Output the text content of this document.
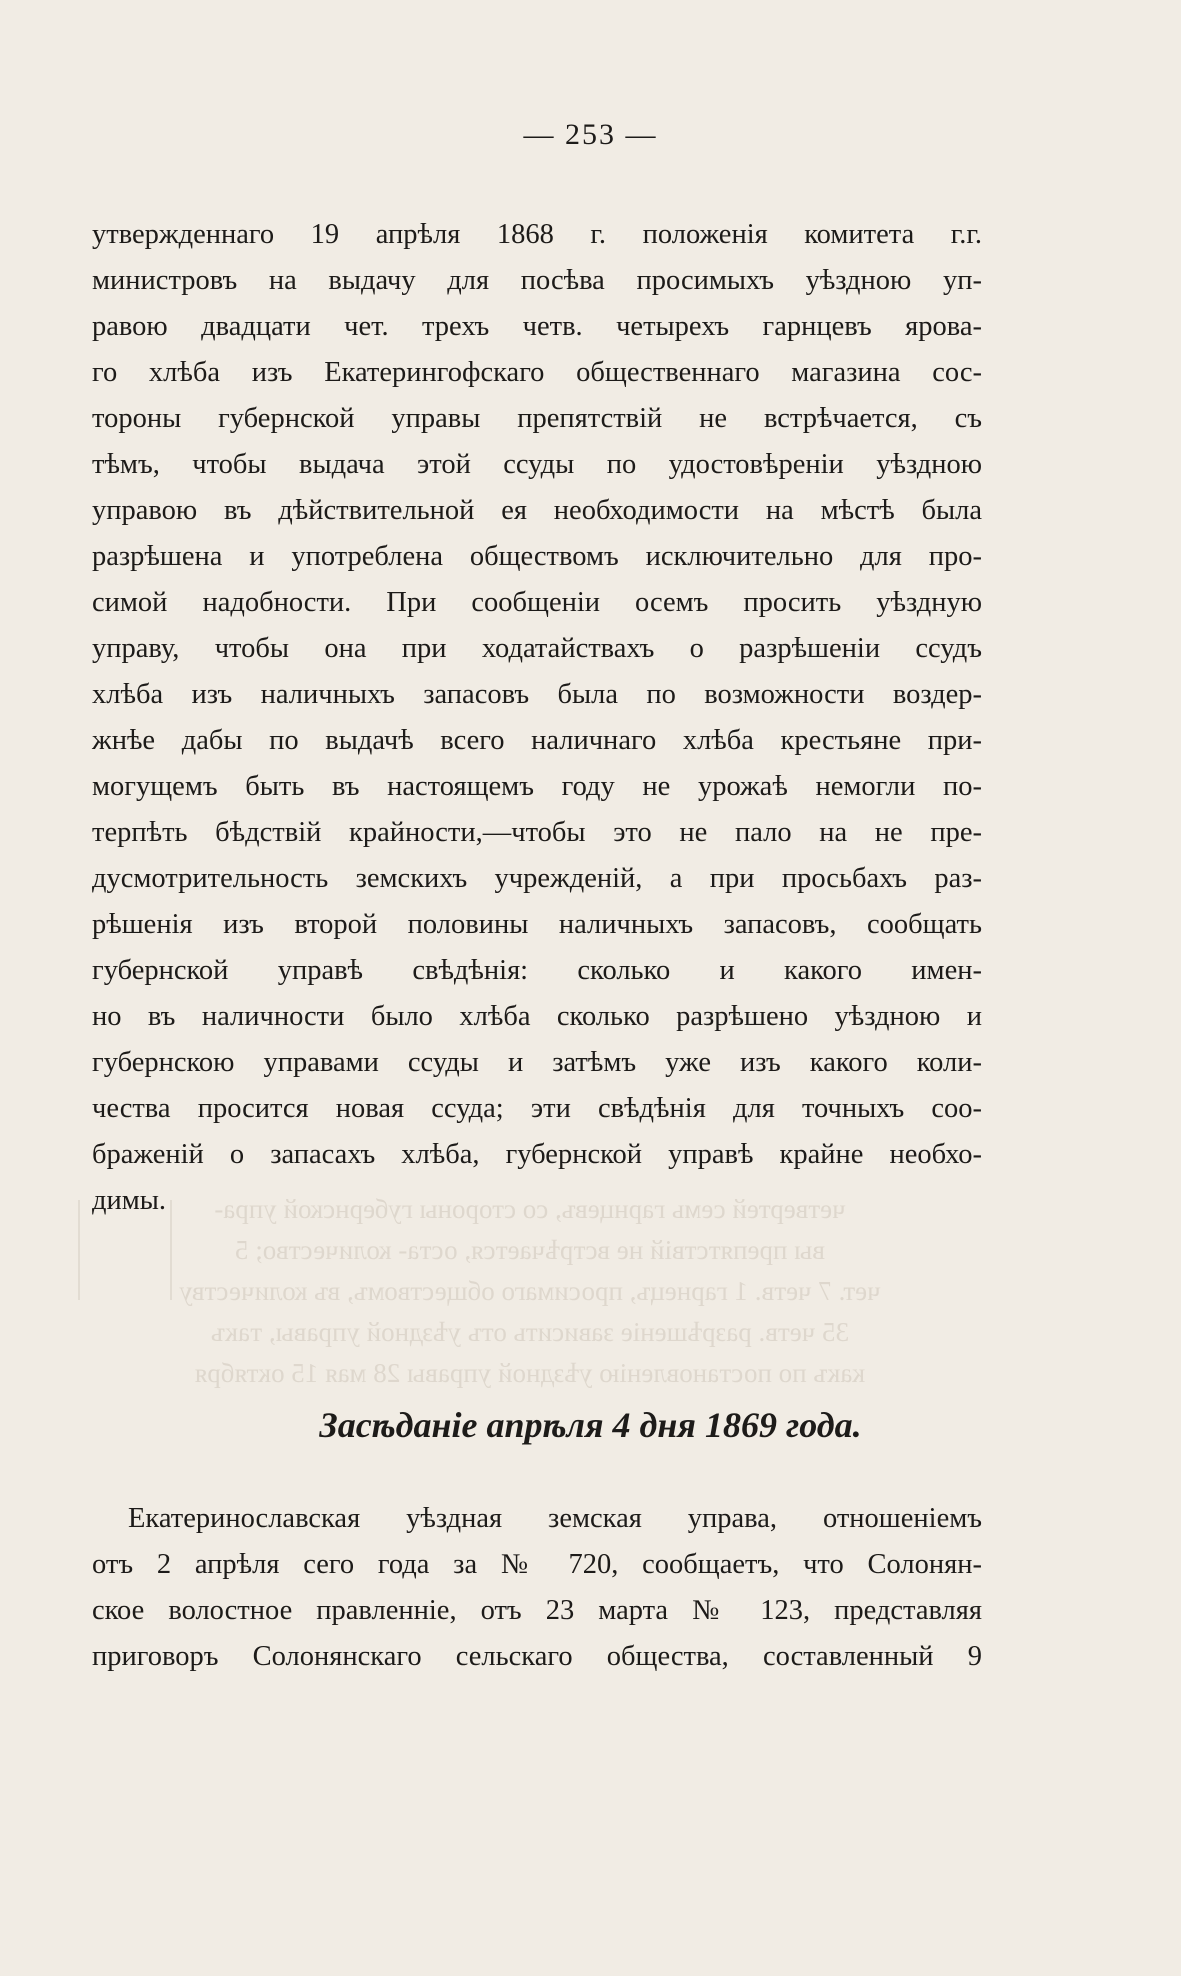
четвертей семь гарнцевъ, со стороны губернской упра-
вы препятствій не встрѣчается, оста- количество; 5
чет. 7 четв. 1 гарнецъ, просимаго обществомъ, въ количеству
35 четв. разрѣшеніе зависить отъ уѣздной управы, такъ
какъ по постановленію уѣздной управы 28 мая 15 октября
— 253 —
утвержденнаго 19 апрѣля 1868 г. положенія комитета г.г.
министровъ на выдачу для посѣва просимыхъ уѣздною уп-
равою двадцати чет. трехъ четв. четырехъ гарнцевъ ярова-
го хлѣба изъ Екатерингофскаго общественнаго магазина сос-
тороны губернской управы препятствій не встрѣчается, съ
тѣмъ, чтобы выдача этой ссуды по удостовѣреніи уѣздною
управою въ дѣйствительной ея необходимости на мѣстѣ была
разрѣшена и употреблена обществомъ исключительно для про-
симой надобности. При сообщеніи осемъ просить уѣздную
управу, чтобы она при ходатайствахъ о разрѣшеніи ссудъ
хлѣба изъ наличныхъ запасовъ была по возможности воздер-
жнѣе дабы по выдачѣ всего наличнаго хлѣба крестьяне при-
могущемъ быть въ настоящемъ году не урожаѣ немогли по-
терпѣть бѣдствій крайности,—чтобы это не пало на не пре-
дусмотрительность земскихъ учрежденій, а при просьбахъ раз-
рѣшенія изъ второй половины наличныхъ запасовъ, сообщать
губернской управѣ свѣдѣнія: сколько и какого имен-
но въ наличности было хлѣба сколько разрѣшено уѣздною и
губернскою управами ссуды и затѣмъ уже изъ какого коли-
чества просится новая ссуда; эти свѣдѣнія для точныхъ соо-
браженій о запасахъ хлѣба, губернской управѣ крайне необхо-
димы.
Засѣданіе апрѣля 4 дня 1869 года.
Екатеринославская уѣздная земская управа, отношеніемъ
отъ 2 апрѣля сего года за № 720, сообщаетъ, что Солонян-
ское волостное правленніе, отъ 23 марта № 123, представляя
приговоръ Солонянскаго сельскаго общества, составленный 9
